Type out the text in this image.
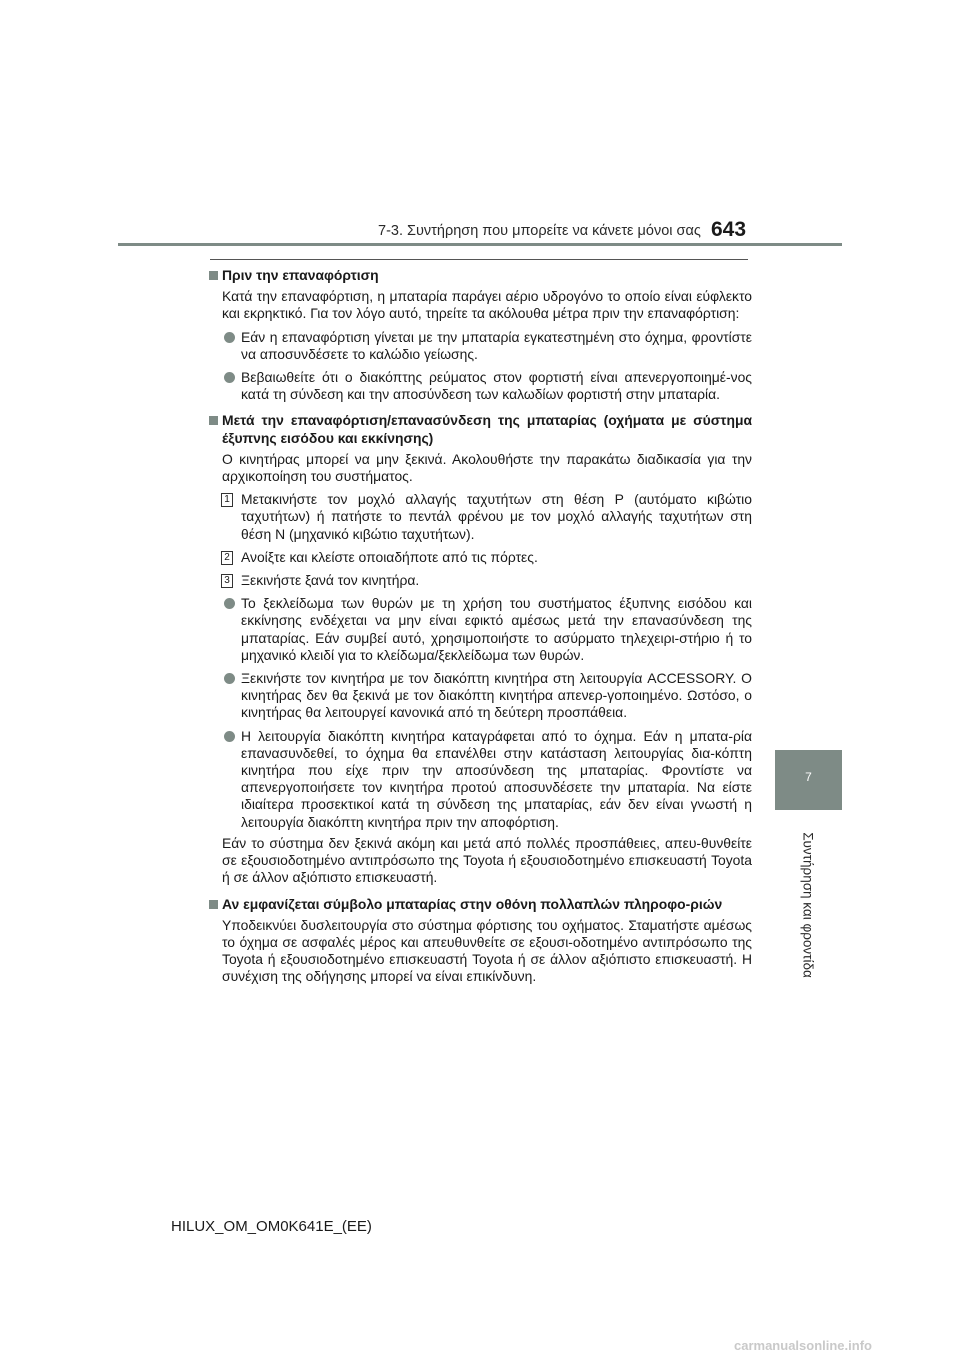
7-3. Συντήρηση που μπορείτε να κάνετε μόνοι σας 643
7
Συντήρηση και φροντίδα
Πριν την επαναφόρτιση
Κατά την επαναφόρτιση, η μπαταρία παράγει αέριο υδρογόνο το οποίο είναι εύφλεκτο και εκρηκτικό. Για τον λόγο αυτό, τηρείτε τα ακόλουθα μέτρα πριν την επαναφόρτιση:
Εάν η επαναφόρτιση γίνεται με την μπαταρία εγκατεστημένη στο όχημα, φροντίστε να αποσυνδέσετε το καλώδιο γείωσης.
Βεβαιωθείτε ότι ο διακόπτης ρεύματος στον φορτιστή είναι απενεργοποιημέ-νος κατά τη σύνδεση και την αποσύνδεση των καλωδίων φορτιστή στην μπαταρία.
Μετά την επαναφόρτιση/επανασύνδεση της μπαταρίας (οχήματα με σύστημα έξυπνης εισόδου και εκκίνησης)
Ο κινητήρας μπορεί να μην ξεκινά. Ακολουθήστε την παρακάτω διαδικασία για την αρχικοποίηση του συστήματος.
1 Μετακινήστε τον μοχλό αλλαγής ταχυτήτων στη θέση P (αυτόματο κιβώτιο ταχυτήτων) ή πατήστε το πεντάλ φρένου με τον μοχλό αλλαγής ταχυτήτων στη θέση N (μηχανικό κιβώτιο ταχυτήτων).
2 Ανοίξτε και κλείστε οποιαδήποτε από τις πόρτες.
3 Ξεκινήστε ξανά τον κινητήρα.
Το ξεκλείδωμα των θυρών με τη χρήση του συστήματος έξυπνης εισόδου και εκκίνησης ενδέχεται να μην είναι εφικτό αμέσως μετά την επανασύνδεση της μπαταρίας. Εάν συμβεί αυτό, χρησιμοποιήστε το ασύρματο τηλεχειρι-στήριο ή το μηχανικό κλειδί για το κλείδωμα/ξεκλείδωμα των θυρών.
Ξεκινήστε τον κινητήρα με τον διακόπτη κινητήρα στη λειτουργία ACCESSORY. Ο κινητήρας δεν θα ξεκινά με τον διακόπτη κινητήρα απενερ-γοποιημένο. Ωστόσο, ο κινητήρας θα λειτουργεί κανονικά από τη δεύτερη προσπάθεια.
Η λειτουργία διακόπτη κινητήρα καταγράφεται από το όχημα. Εάν η μπατα-ρία επανασυνδεθεί, το όχημα θα επανέλθει στην κατάσταση λειτουργίας δια-κόπτη κινητήρα που είχε πριν την αποσύνδεση της μπαταρίας. Φροντίστε να απενεργοποιήσετε τον κινητήρα προτού αποσυνδέσετε την μπαταρία. Να είστε ιδιαίτερα προσεκτικοί κατά τη σύνδεση της μπαταρίας, εάν δεν είναι γνωστή η λειτουργία διακόπτη κινητήρα πριν την αποφόρτιση.
Εάν το σύστημα δεν ξεκινά ακόμη και μετά από πολλές προσπάθειες, απευ-θυνθείτε σε εξουσιοδοτημένο αντιπρόσωπο της Toyota ή εξουσιοδοτημένο επισκευαστή Toyota ή σε άλλον αξιόπιστο επισκευαστή.
Αν εμφανίζεται σύμβολο μπαταρίας στην οθόνη πολλαπλών πληροφο-ριών
Υποδεικνύει δυσλειτουργία στο σύστημα φόρτισης του οχήματος. Σταματήστε αμέσως το όχημα σε ασφαλές μέρος και απευθυνθείτε σε εξουσι-οδοτημένο αντιπρόσωπο της Toyota ή εξουσιοδοτημένο επισκευαστή Toyota ή σε άλλον αξιόπιστο επισκευαστή. Η συνέχιση της οδήγησης μπορεί να είναι επικίνδυνη.
HILUX_OM_OM0K641E_(EE)
carmanualsonline.info
